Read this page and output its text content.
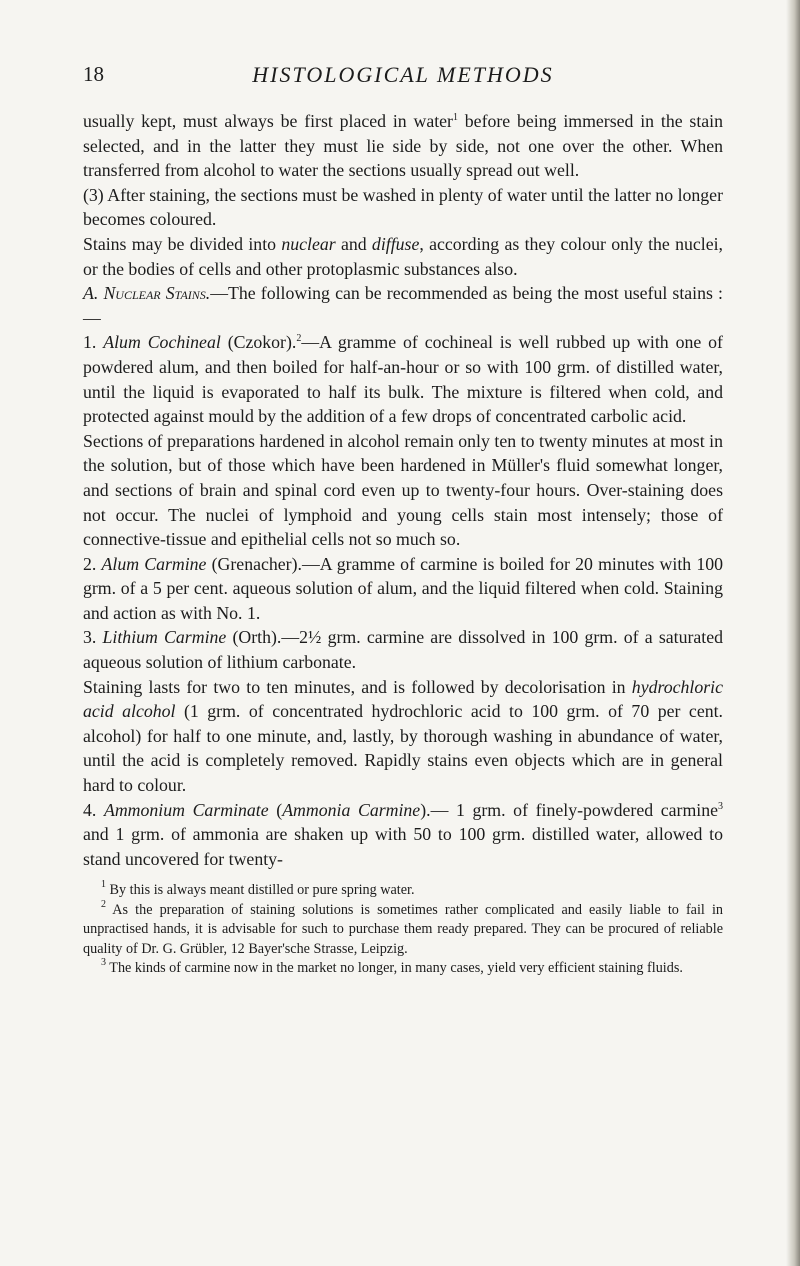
18	HISTOLOGICAL METHODS

usually kept, must always be first placed in water$^1$ before being immersed in the stain selected, and in the latter they must lie side by side, not one over the other. When transferred from alcohol to water the sections usually spread out well.

(3) After staining, the sections must be washed in plenty of water until the latter no longer becomes coloured.

Stains may be divided into nuclear and diffuse, according as they colour only the nuclei, or the bodies of cells and other protoplasmic substances also.

A. Nuclear Stains.—The following can be recommended as being the most useful stains :—

1. Alum Cochineal (Czokor).$^2$—A gramme of cochineal is well rubbed up with one of powdered alum, and then boiled for half-an-hour or so with 100 grm. of distilled water, until the liquid is evaporated to half its bulk. The mixture is filtered when cold, and protected against mould by the addition of a few drops of concentrated carbolic acid.

Sections of preparations hardened in alcohol remain only ten to twenty minutes at most in the solution, but of those which have been hardened in Müller's fluid somewhat longer, and sections of brain and spinal cord even up to twenty-four hours. Over-staining does not occur. The nuclei of lymphoid and young cells stain most intensely; those of connective-tissue and epithelial cells not so much so.

2. Alum Carmine (Grenacher).—A gramme of carmine is boiled for 20 minutes with 100 grm. of a 5 per cent. aqueous solution of alum, and the liquid filtered when cold. Staining and action as with No. 1.

3. Lithium Carmine (Orth).—2½ grm. carmine are dissolved in 100 grm. of a saturated aqueous solution of lithium carbonate.

Staining lasts for two to ten minutes, and is followed by decolorisation in hydrochloric acid alcohol (1 grm. of concentrated hydrochloric acid to 100 grm. of 70 per cent. alcohol) for half to one minute, and, lastly, by thorough washing in abundance of water, until the acid is completely removed. Rapidly stains even objects which are in general hard to colour.

4. Ammonium Carminate (Ammonia Carmine).— 1 grm. of finely-powdered carmine$^3$ and 1 grm. of ammonia are shaken up with 50 to 100 grm. distilled water, allowed to stand uncovered for twenty-

$^1$ By this is always meant distilled or pure spring water.

$^2$ As the preparation of staining solutions is sometimes rather complicated and easily liable to fail in unpractised hands, it is advisable for such to purchase them ready prepared. They can be procured of reliable quality of Dr. G. Grübler, 12 Bayer'sche Strasse, Leipzig.

$^3$ The kinds of carmine now in the market no longer, in many cases, yield very efficient staining fluids.
